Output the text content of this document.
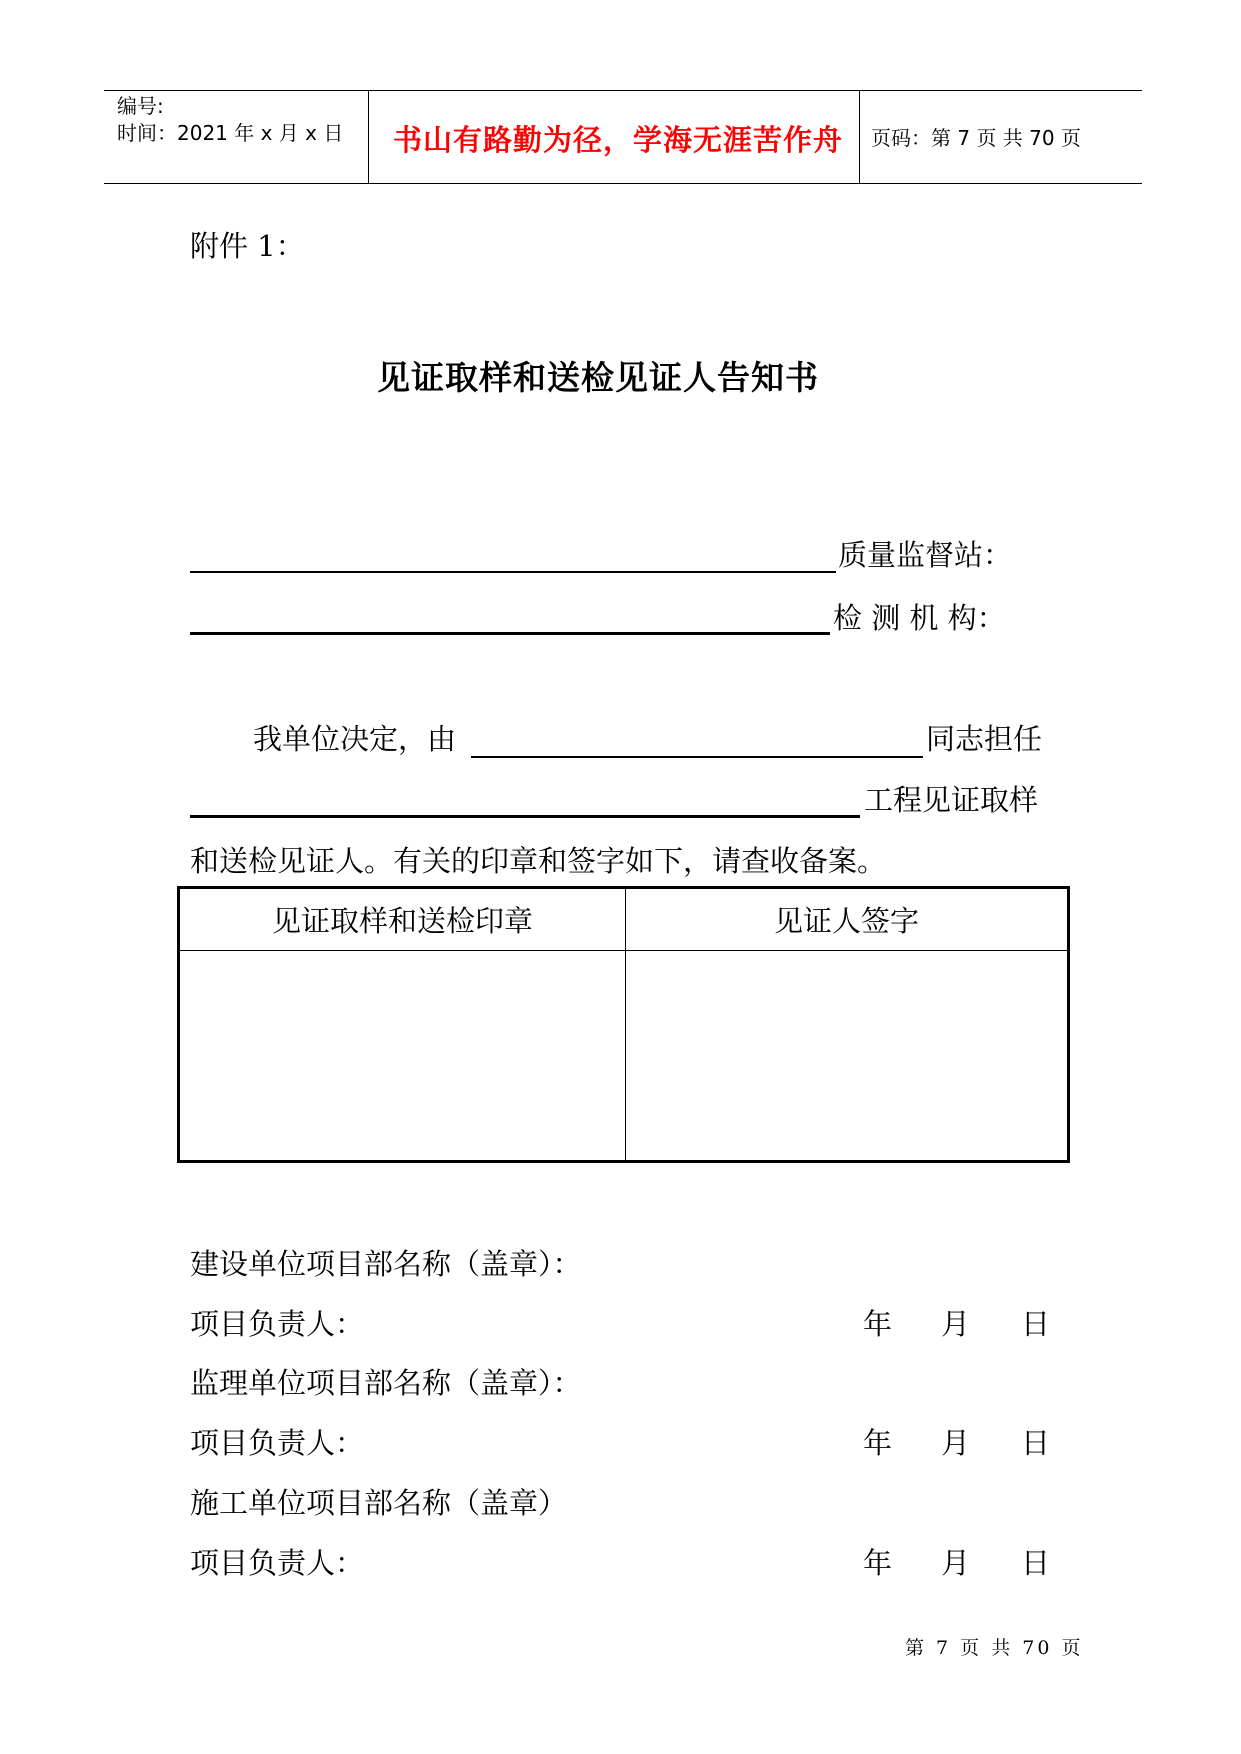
编号:
时间：2021 年 x 月 x 日 书山有路勤为径，学海无涯苦作舟 页码：第 7 页 共 70 页
附件 1：
见证取样和送检见证人告知书
质量监督站：
检 测 机 构：
我单位决定，由	同志担任
工程见证取样
和送检见证人。有关的印章和签字如下，请查收备案。
见证取样和送检印章	见证人签字
建设单位项目部名称（盖章）：
项目负责人：	年 月 日
监理单位项目部名称（盖章）：
项目负责人：	年 月 日
施工单位项目部名称（盖章）
项目负责人：	年 月 日
第 7 页 共 70 页
